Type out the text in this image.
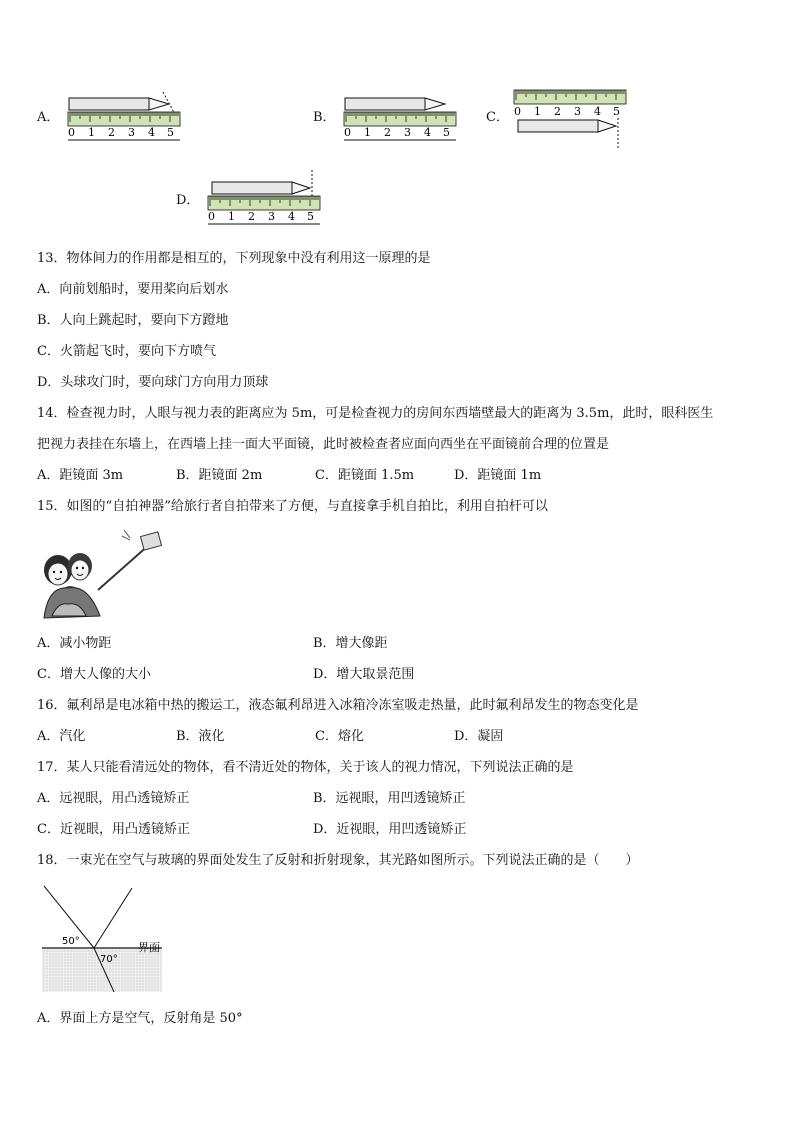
A．
0 1 2 3 4 5
B．
0 1 2 3 4 5
C． 0 1 2 3 4 5
D．
0 1 2 3 4 5
13．物体间力的作用都是相互的，下列现象中没有利用这一原理的是
A．向前划船时，要用桨向后划水
B．人向上跳起时，要向下方蹬地
C．火箭起飞时，要向下方喷气
D．头球攻门时，要向球门方向用力顶球
14．检查视力时，人眼与视力表的距离应为 5m，可是检查视力的房间东西墙壁最大的距离为 3.5m，此时，眼科医生
把视力表挂在东墙上，在西墙上挂一面大平面镜，此时被检查者应面向西坐在平面镜前合理的位置是
A．距镜面 3m	B．距镜面 2m	C．距镜面 1.5m	D．距镜面 1m
15．如图的“自拍神器”给旅行者自拍带来了方便，与直接拿手机自拍比，利用自拍杆可以
A．减小物距	B．增大像距
C．增大人像的大小	D．增大取景范围
16．氟利昂是电冰箱中热的搬运工，液态氟利昂进入冰箱冷冻室吸走热量，此时氟利昂发生的物态变化是
A．汽化	B．液化	C．熔化	D．凝固
17．某人只能看清远处的物体，看不清近处的物体，关于该人的视力情况，下列说法正确的是
A．远视眼，用凸透镜矫正	B．远视眼，用凹透镜矫正
C．近视眼，用凸透镜矫正	D．近视眼，用凹透镜矫正
18．一束光在空气与玻璃的界面处发生了反射和折射现象，其光路如图所示。下列说法正确的是（　　）
50°
70°
界面
A．界面上方是空气，反射角是 50°
